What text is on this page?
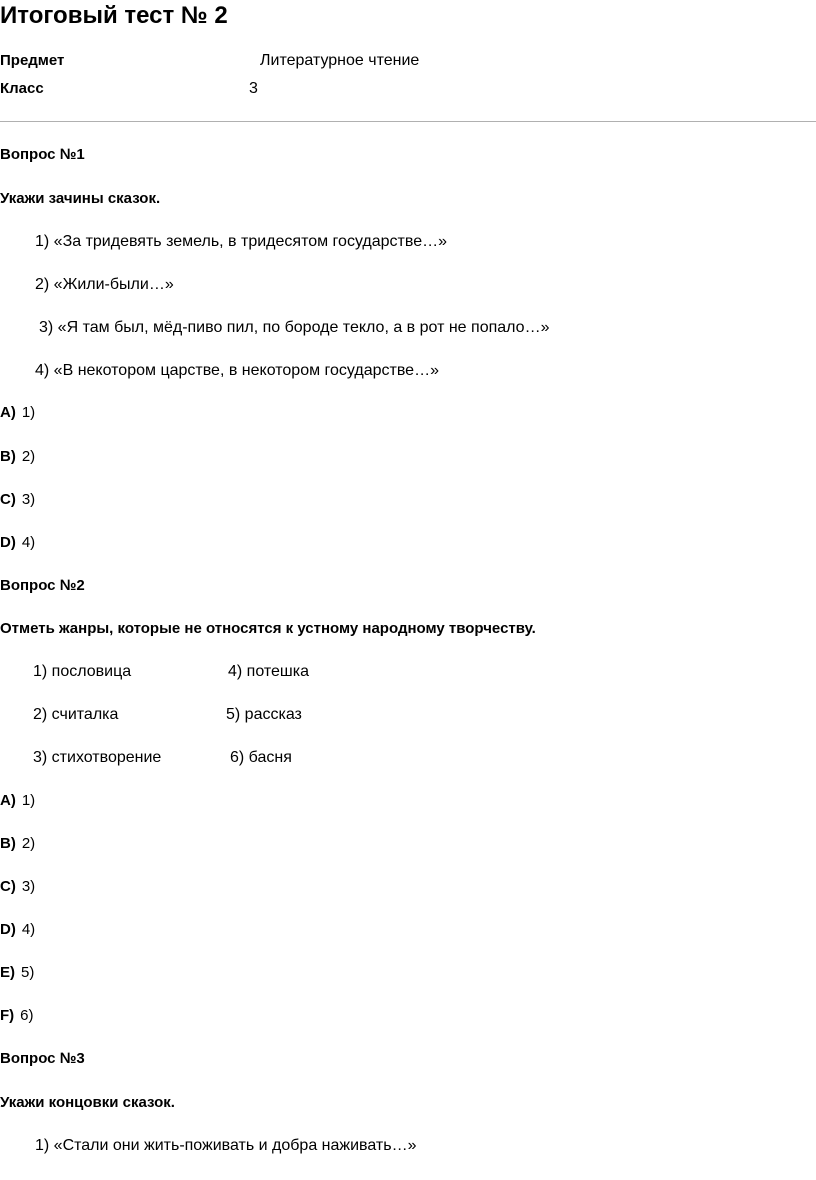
Итоговый тест № 2
Предмет	Литературное чтение
Класс	3
Вопрос №1
Укажи зачины сказок.
1) «За тридевять земель, в тридесятом государстве…»
2) «Жили-были…»
3) «Я там был, мёд-пиво пил, по бороде текло, а в рот не попало…»
4) «В некотором царстве, в некотором государстве…»
A) 1)
B) 2)
C) 3)
D) 4)
Вопрос №2
Отметь жанры, которые не относятся к устному народному творчеству.
1) пословица	4) потешка
2) считалка	5) рассказ
3) стихотворение	6) басня
A) 1)
B) 2)
C) 3)
D) 4)
E) 5)
F) 6)
Вопрос №3
Укажи концовки сказок.
1) «Стали они жить-поживать и добра наживать…»
